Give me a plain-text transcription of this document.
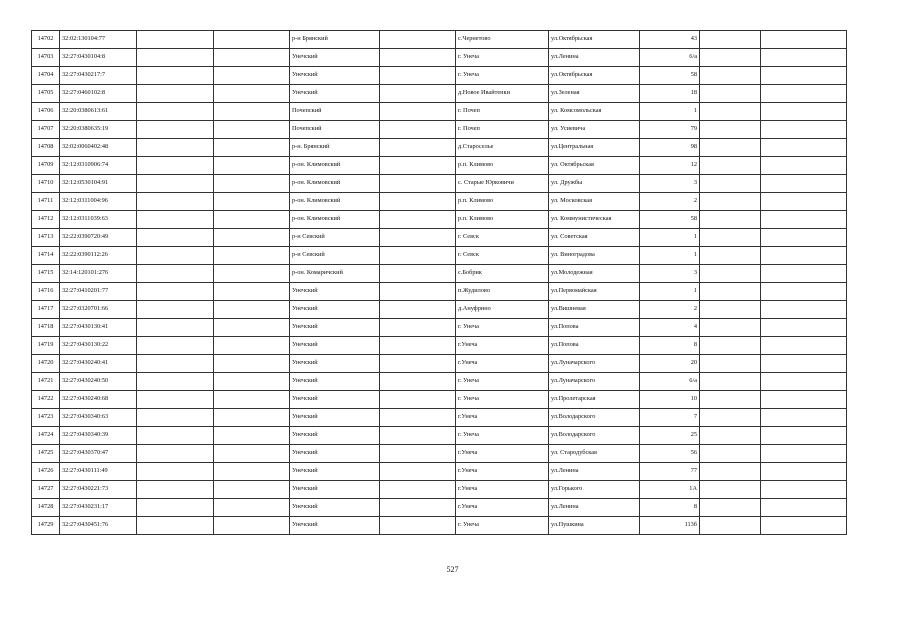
14702	32:02:130104:77			р-н Брянский		с.Чернетово	ул.Октябрьская	43		
14703	32:27:0430104:8			Унечский		г. Унеча	ул.Ленина	6/а		
14704	32:27:0430217:7			Унечский		г. Унеча	ул.Октябрьская	58		
14705	32:27:0460102:8			Унечский		д.Новое Ивайтенки	ул.Зеленая	18		
14706	32:20:0380613:61			Почепский		г. Почеп	ул. Комсомольская	1		
14707	32:20:0380635:19			Почепский		г. Почеп	ул. Усиевича	79		
14708	32:02:0060402:48			р-н. Брянский		д.Староселье	ул.Центральная	98		
14709	32:12:0310906:74			р-он. Климовский		р.п. Климово	ул. Октябрьская	12		
14710	32:12:0530104:91			р-он. Климовский		с. Старые Юрковичи	ул. Дружбы	3		
14711	32:12:0311004:96			р-он. Климовский		р.п. Климово	ул. Московская	2		
14712	32:12:0311039:63			р-он. Климовский		р.п. Климово	ул. Коммунистическая	58		
14713	32:22:0390720:49			р-н Севский		г. Севск	ул. Советская	1		
14714	32:22:0390112:26			р-н Севский		г. Севск	ул. Виноградова	1		
14715	32:14:120101:276			р-он. Комаричский		с.Бобрик	ул.Молодежная	3		
14716	32:27:0410201:77			Унечский		п.Жудилово	ул.Первомайская	1		
14717	32:27:0320701:66			Унечский		д.Ануфрино	ул.Вишневая	2		
14718	32:27:0430130:41			Унечский		г. Унеча	ул.Попова	4		
14719	32:27:0430130:22			Унечский		г.Унеча	ул.Попова	8		
14720	32:27:0430240:41			Унечский		г.Унеча	ул.Луначарского	20		
14721	32:27:0430240:50			Унечский		г. Унеча	ул.Луначарского	6/а		
14722	32:27:0430240:68			Унечский		г. Унеча	ул.Пролетарская	10		
14723	32:27:0430340:63			Унечский		г.Унеча	ул.Володарского	7		
14724	32:27:0430340:39			Унечский		г. Унеча	ул.Володарского	25		
14725	32:27:0430370:47			Унечский		г.Унеча	ул. Стародубская	56		
14726	32:27:0430111:49			Унечский		г.Унеча	ул.Ленина	77		
14727	32:27:0430221:73			Унечский		г.Унеча	ул.Горького	1А		
14728	32:27:0430231:17			Унечский		г.Унеча	ул.Ленина	8		
14729	32:27:0430451:76			Унечский		г. Унеча	ул.Пушкина	113б		
527
